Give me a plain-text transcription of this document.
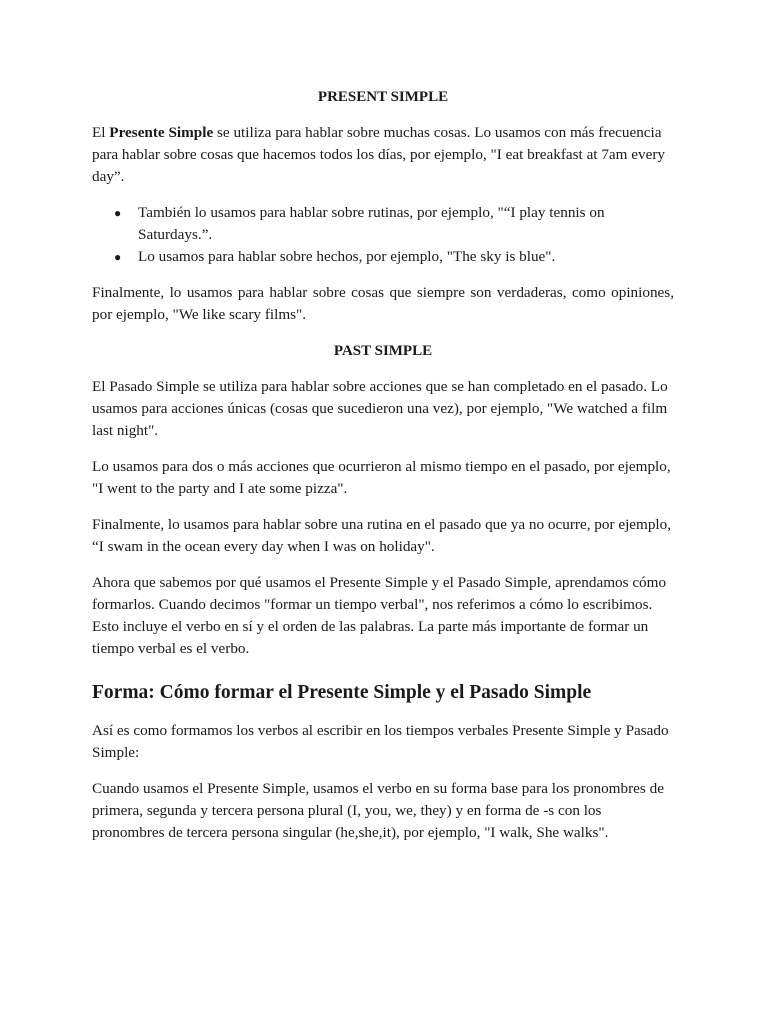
PRESENT SIMPLE

El Presente Simple se utiliza para hablar sobre muchas cosas. Lo usamos con más frecuencia para hablar sobre cosas que hacemos todos los días, por ejemplo, "I eat breakfast at 7am every day”.

● También lo usamos para hablar sobre rutinas, por ejemplo, "“I play tennis on Saturdays.”.
● Lo usamos para hablar sobre hechos, por ejemplo, "The sky is blue".

Finalmente, lo usamos para hablar sobre cosas que siempre son verdaderas, como opiniones, por ejemplo, "We like scary films".

PAST SIMPLE

El Pasado Simple se utiliza para hablar sobre acciones que se han completado en el pasado. Lo usamos para acciones únicas (cosas que sucedieron una vez), por ejemplo, "We watched a film last night".

Lo usamos para dos o más acciones que ocurrieron al mismo tiempo en el pasado, por ejemplo, "I went to the party and I ate some pizza".

Finalmente, lo usamos para hablar sobre una rutina en el pasado que ya no ocurre, por ejemplo, “I swam in the ocean every day when I was on holiday".

Ahora que sabemos por qué usamos el Presente Simple y el Pasado Simple, aprendamos cómo formarlos. Cuando decimos "formar un tiempo verbal", nos referimos a cómo lo escribimos. Esto incluye el verbo en sí y el orden de las palabras. La parte más importante de formar un tiempo verbal es el verbo.

Forma: Cómo formar el Presente Simple y el Pasado Simple

Así es como formamos los verbos al escribir en los tiempos verbales Presente Simple y Pasado Simple:

Cuando usamos el Presente Simple, usamos el verbo en su forma base para los pronombres de primera, segunda y tercera persona plural (I, you, we, they) y en forma de -s con los pronombres de tercera persona singular (he,she,it), por ejemplo, "I walk, She walks".
